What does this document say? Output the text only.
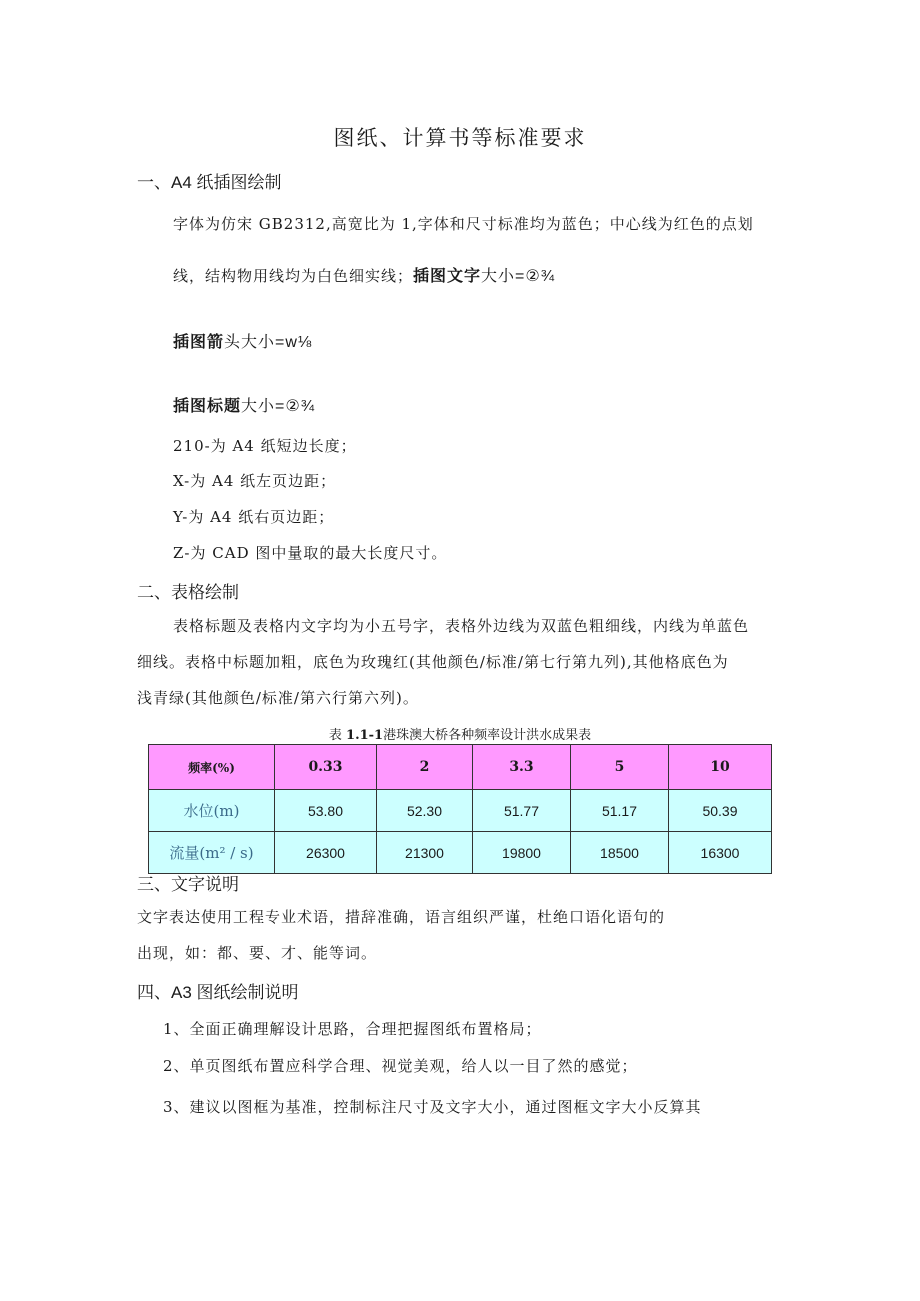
图纸、计算书等标准要求
一、A4 纸插图绘制
字体为仿宋 GB2312,高宽比为 1,字体和尺寸标准均为蓝色；中心线为红色的点划
线，结构物用线均为白色细实线；插图文字大小=②¾
插图箭头大小=w⅛
插图标题大小=②¾
210-为 A4 纸短边长度；
X-为 A4 纸左页边距；
Y-为 A4 纸右页边距；
Z-为 CAD 图中量取的最大长度尺寸。
二、表格绘制
表格标题及表格内文字均为小五号字，表格外边线为双蓝色粗细线，内线为单蓝色
细线。表格中标题加粗，底色为玫瑰红(其他颜色/标准/第七行第九列),其他格底色为
浅青绿(其他颜色/标准/第六行第六列)。
表 1.1-1港珠澳大桥各种频率设计洪水成果表
频率(%)	0.33	2	3.3	5	10
水位(m)	53.80	52.30	51.77	51.17	50.39
流量(m² / s)	26300	21300	19800	18500	16300
三、文字说明
文字表达使用工程专业术语，措辞准确，语言组织严谨，杜绝口语化语句的
出现，如：都、要、才、能等词。
四、A3 图纸绘制说明
1、全面正确理解设计思路，合理把握图纸布置格局；
2、单页图纸布置应科学合理、视觉美观，给人以一目了然的感觉；
3、建议以图框为基准，控制标注尺寸及文字大小，通过图框文字大小反算其
